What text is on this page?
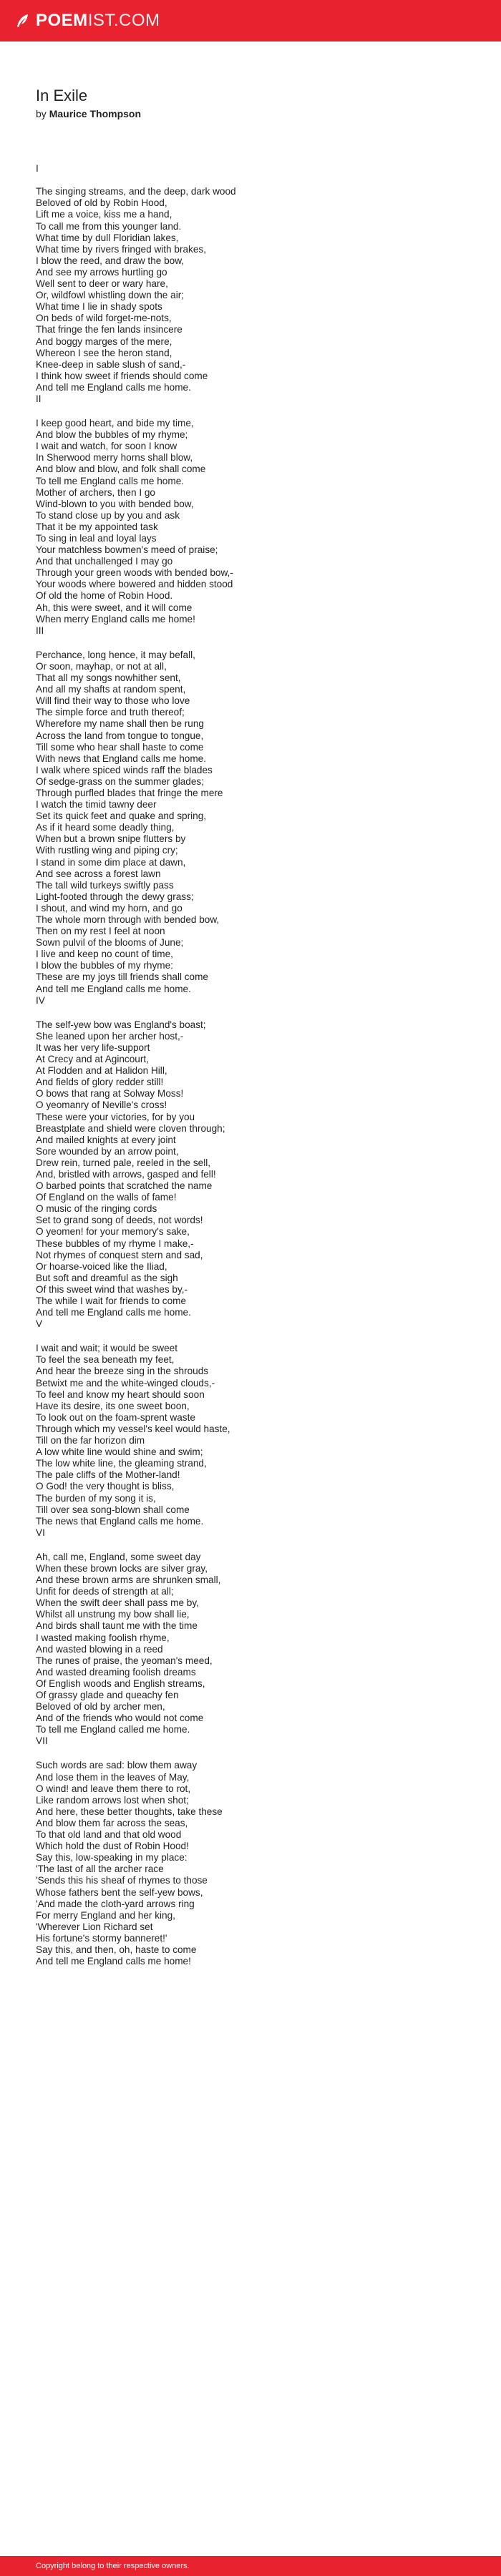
POEMIST.COM
In Exile
by Maurice Thompson

I

The singing streams, and the deep, dark wood
Beloved of old by Robin Hood,
Lift me a voice, kiss me a hand,
To call me from this younger land.
What time by dull Floridian lakes,
What time by rivers fringed with brakes,
I blow the reed, and draw the bow,
And see my arrows hurtling go
Well sent to deer or wary hare,
Or, wildfowl whistling down the air;
What time I lie in shady spots
On beds of wild forget-me-nots,
That fringe the fen lands insincere
And boggy marges of the mere,
Whereon I see the heron stand,
Knee-deep in sable slush of sand,-
I think how sweet if friends should come
And tell me England calls me home.
II
I keep good heart, and bide my time,
And blow the bubbles of my rhyme;
I wait and watch, for soon I know
In Sherwood merry horns shall blow,
And blow and blow, and folk shall come
To tell me England calls me home.
Mother of archers, then I go
Wind-blown to you with bended bow,
To stand close up by you and ask
That it be my appointed task
To sing in leal and loyal lays
Your matchless bowmen's meed of praise;
And that unchallenged I may go
Through your green woods with bended bow,-
Your woods where bowered and hidden stood
Of old the home of Robin Hood.
Ah, this were sweet, and it will come
When merry England calls me home!
III
Perchance, long hence, it may befall,
Or soon, mayhap, or not at all,
That all my songs nowhither sent,
And all my shafts at random spent,
Will find their way to those who love
The simple force and truth thereof;
Wherefore my name shall then be rung
Across the land from tongue to tongue,
Till some who hear shall haste to come
With news that England calls me home.
I walk where spiced winds raff the blades
Of sedge-grass on the summer glades;
Through purfled blades that fringe the mere
I watch the timid tawny deer
Set its quick feet and quake and spring,
As if it heard some deadly thing,
When but a brown snipe flutters by
With rustling wing and piping cry;
I stand in some dim place at dawn,
And see across a forest lawn
The tall wild turkeys swiftly pass
Light-footed through the dewy grass;
I shout, and wind my horn, and go
The whole morn through with bended bow,
Then on my rest I feel at noon
Sown pulvil of the blooms of June;
I live and keep no count of time,
I blow the bubbles of my rhyme:
These are my joys till friends shall come
And tell me England calls me home.
IV
The self-yew bow was England's boast;
She leaned upon her archer host,-
It was her very life-support
At Crecy and at Agincourt,
At Flodden and at Halidon Hill,
And fields of glory redder still!
O bows that rang at Solway Moss!
O yeomanry of Neville's cross!
These were your victories, for by you
Breastplate and shield were cloven through;
And mailed knights at every joint
Sore wounded by an arrow point,
Drew rein, turned pale, reeled in the sell,
And, bristled with arrows, gasped and fell!
O barbed points that scratched the name
Of England on the walls of fame!
O music of the ringing cords
Set to grand song of deeds, not words!
O yeomen! for your memory's sake,
These bubbles of my rhyme I make,-
Not rhymes of conquest stern and sad,
Or hoarse-voiced like the Iliad,
But soft and dreamful as the sigh
Of this sweet wind that washes by,-
The while I wait for friends to come
And tell me England calls me home.
V
I wait and wait; it would be sweet
To feel the sea beneath my feet,
And hear the breeze sing in the shrouds
Betwixt me and the white-winged clouds,-
To feel and know my heart should soon
Have its desire, its one sweet boon,
To look out on the foam-sprent waste
Through which my vessel's keel would haste,
Till on the far horizon dim
A low white line would shine and swim;
The low white line, the gleaming strand,
The pale cliffs of the Mother-land!
O God! the very thought is bliss,
The burden of my song it is,
Till over sea song-blown shall come
The news that England calls me home.
VI
Ah, call me, England, some sweet day
When these brown locks are silver gray,
And these brown arms are shrunken small,
Unfit for deeds of strength at all;
When the swift deer shall pass me by,
Whilst all unstrung my bow shall lie,
And birds shall taunt me with the time
I wasted making foolish rhyme,
And wasted blowing in a reed
The runes of praise, the yeoman's meed,
And wasted dreaming foolish dreams
Of English woods and English streams,
Of grassy glade and queachy fen
Beloved of old by archer men,
And of the friends who would not come
To tell me England called me home.
VII
Such words are sad: blow them away
And lose them in the leaves of May,
O wind! and leave them there to rot,
Like random arrows lost when shot;
And here, these better thoughts, take these
And blow them far across the seas,
To that old land and that old wood
Which hold the dust of Robin Hood!
Say this, low-speaking in my place:
'The last of all the archer race
'Sends this his sheaf of rhymes to those
Whose fathers bent the self-yew bows,
'And made the cloth-yard arrows ring
For merry England and her king,
'Wherever Lion Richard set
His fortune's stormy banneret!'
Say this, and then, oh, haste to come
And tell me England calls me home!
Copyright belong to their respective owners.
